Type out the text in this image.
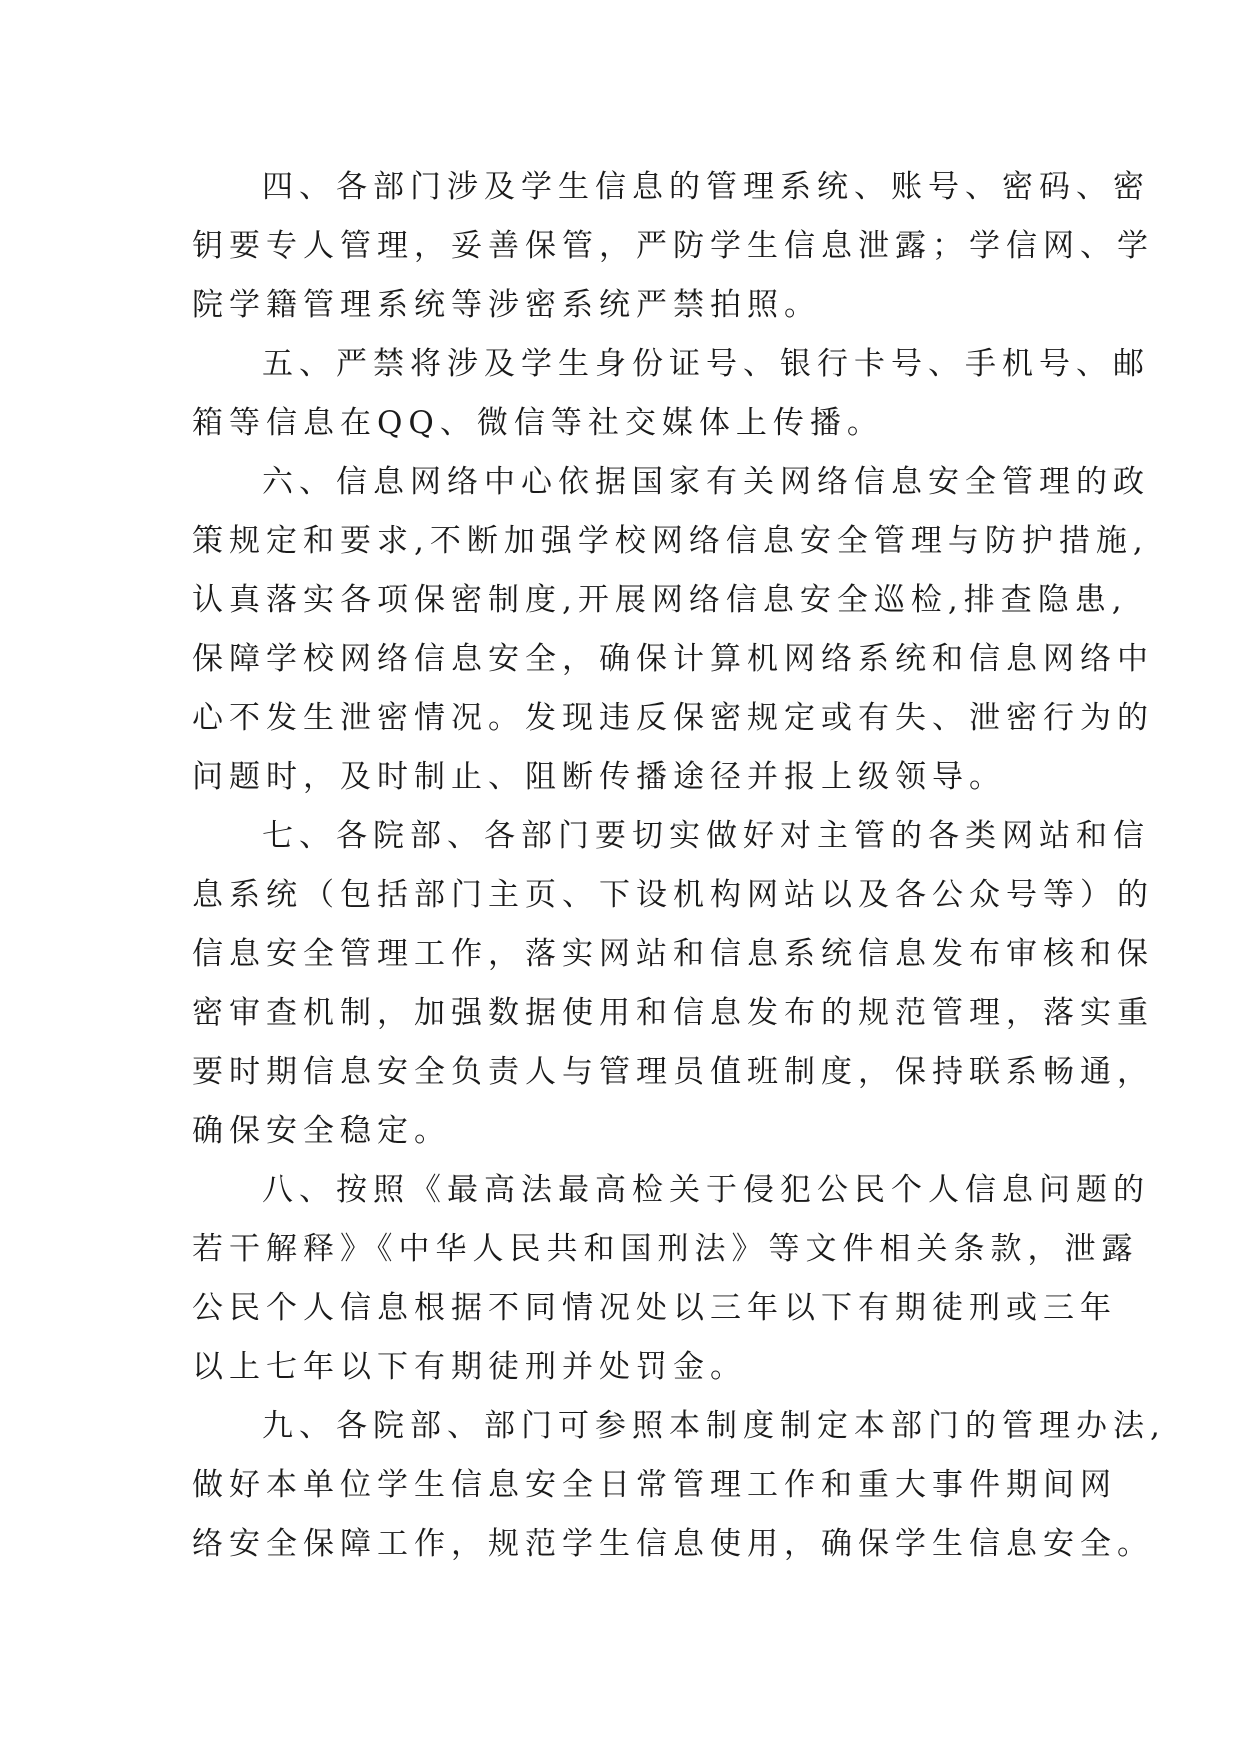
四、各部门涉及学生信息的管理系统、账号、密码、密
钥要专人管理，妥善保管，严防学生信息泄露；学信网、学
院学籍管理系统等涉密系统严禁拍照。
五、严禁将涉及学生身份证号、银行卡号、手机号、邮
箱等信息在QQ、微信等社交媒体上传播。
六、信息网络中心依据国家有关网络信息安全管理的政
策规定和要求,不断加强学校网络信息安全管理与防护措施,
认真落实各项保密制度,开展网络信息安全巡检,排查隐患,
保障学校网络信息安全，确保计算机网络系统和信息网络中
心不发生泄密情况。发现违反保密规定或有失、泄密行为的
问题时，及时制止、阻断传播途径并报上级领导。
七、各院部、各部门要切实做好对主管的各类网站和信
息系统（包括部门主页、下设机构网站以及各公众号等）的
信息安全管理工作，落实网站和信息系统信息发布审核和保
密审查机制，加强数据使用和信息发布的规范管理，落实重
要时期信息安全负责人与管理员值班制度，保持联系畅通，
确保安全稳定。
八、按照《最高法最高检关于侵犯公民个人信息问题的
若干解释》《中华人民共和国刑法》等文件相关条款，泄露
公民个人信息根据不同情况处以三年以下有期徒刑或三年
以上七年以下有期徒刑并处罚金。
九、各院部、部门可参照本制度制定本部门的管理办法,
做好本单位学生信息安全日常管理工作和重大事件期间网
络安全保障工作，规范学生信息使用，确保学生信息安全。
